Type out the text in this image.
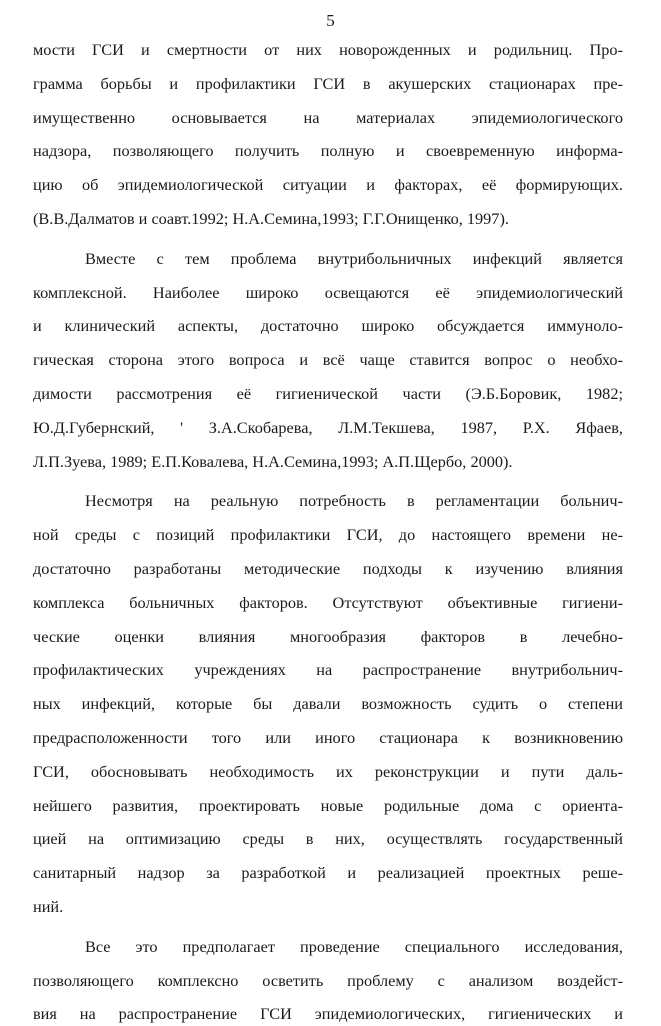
5
мости ГСИ и смертности от них новорожденных и родильниц. Про-
грамма борьбы и профилактики ГСИ в акушерских стационарах пре-
имущественно основывается на материалах эпидемиологического
надзора, позволяющего получить полную и своевременную информа-
цию об эпидемиологической ситуации и факторах, её формирующих.
(В.В.Далматов и соавт.1992; Н.А.Семина,1993; Г.Г.Онищенко, 1997).
Вместе с тем проблема внутрибольничных инфекций является
комплексной. Наиболее широко освещаются её эпидемиологический
и клинический аспекты, достаточно широко обсуждается иммуноло-
гическая сторона этого вопроса и всё чаще ставится вопрос о необхо-
димости рассмотрения её гигиенической части (Э.Б.Боровик, 1982;
Ю.Д.Губернский, ' З.А.Скобарева, Л.М.Текшева, 1987, Р.Х. Яфаев,
Л.П.Зуева, 1989; Е.П.Ковалева, Н.А.Семина,1993; А.П.Щербо, 2000).
Несмотря на реальную потребность в регламентации больнич-
ной среды с позиций профилактики ГСИ, до настоящего времени не-
достаточно разработаны методические подходы к изучению влияния
комплекса больничных факторов. Отсутствуют объективные гигиени-
ческие оценки влияния многообразия факторов в лечебно-
профилактических учреждениях на распространение внутрибольнич-
ных инфекций, которые бы давали возможность судить о степени
предрасположенности того или иного стационара к возникновению
ГСИ, обосновывать необходимость их реконструкции и пути даль-
нейшего развития, проектировать новые родильные дома с ориента-
цией на оптимизацию среды в них, осуществлять государственный
санитарный надзор за разработкой и реализацией проектных реше-
ний.
Все это предполагает проведение специального исследования,
позволяющего комплексно осветить проблему с анализом воздейст-
вия на распространение ГСИ эпидемиологических, гигиенических и
